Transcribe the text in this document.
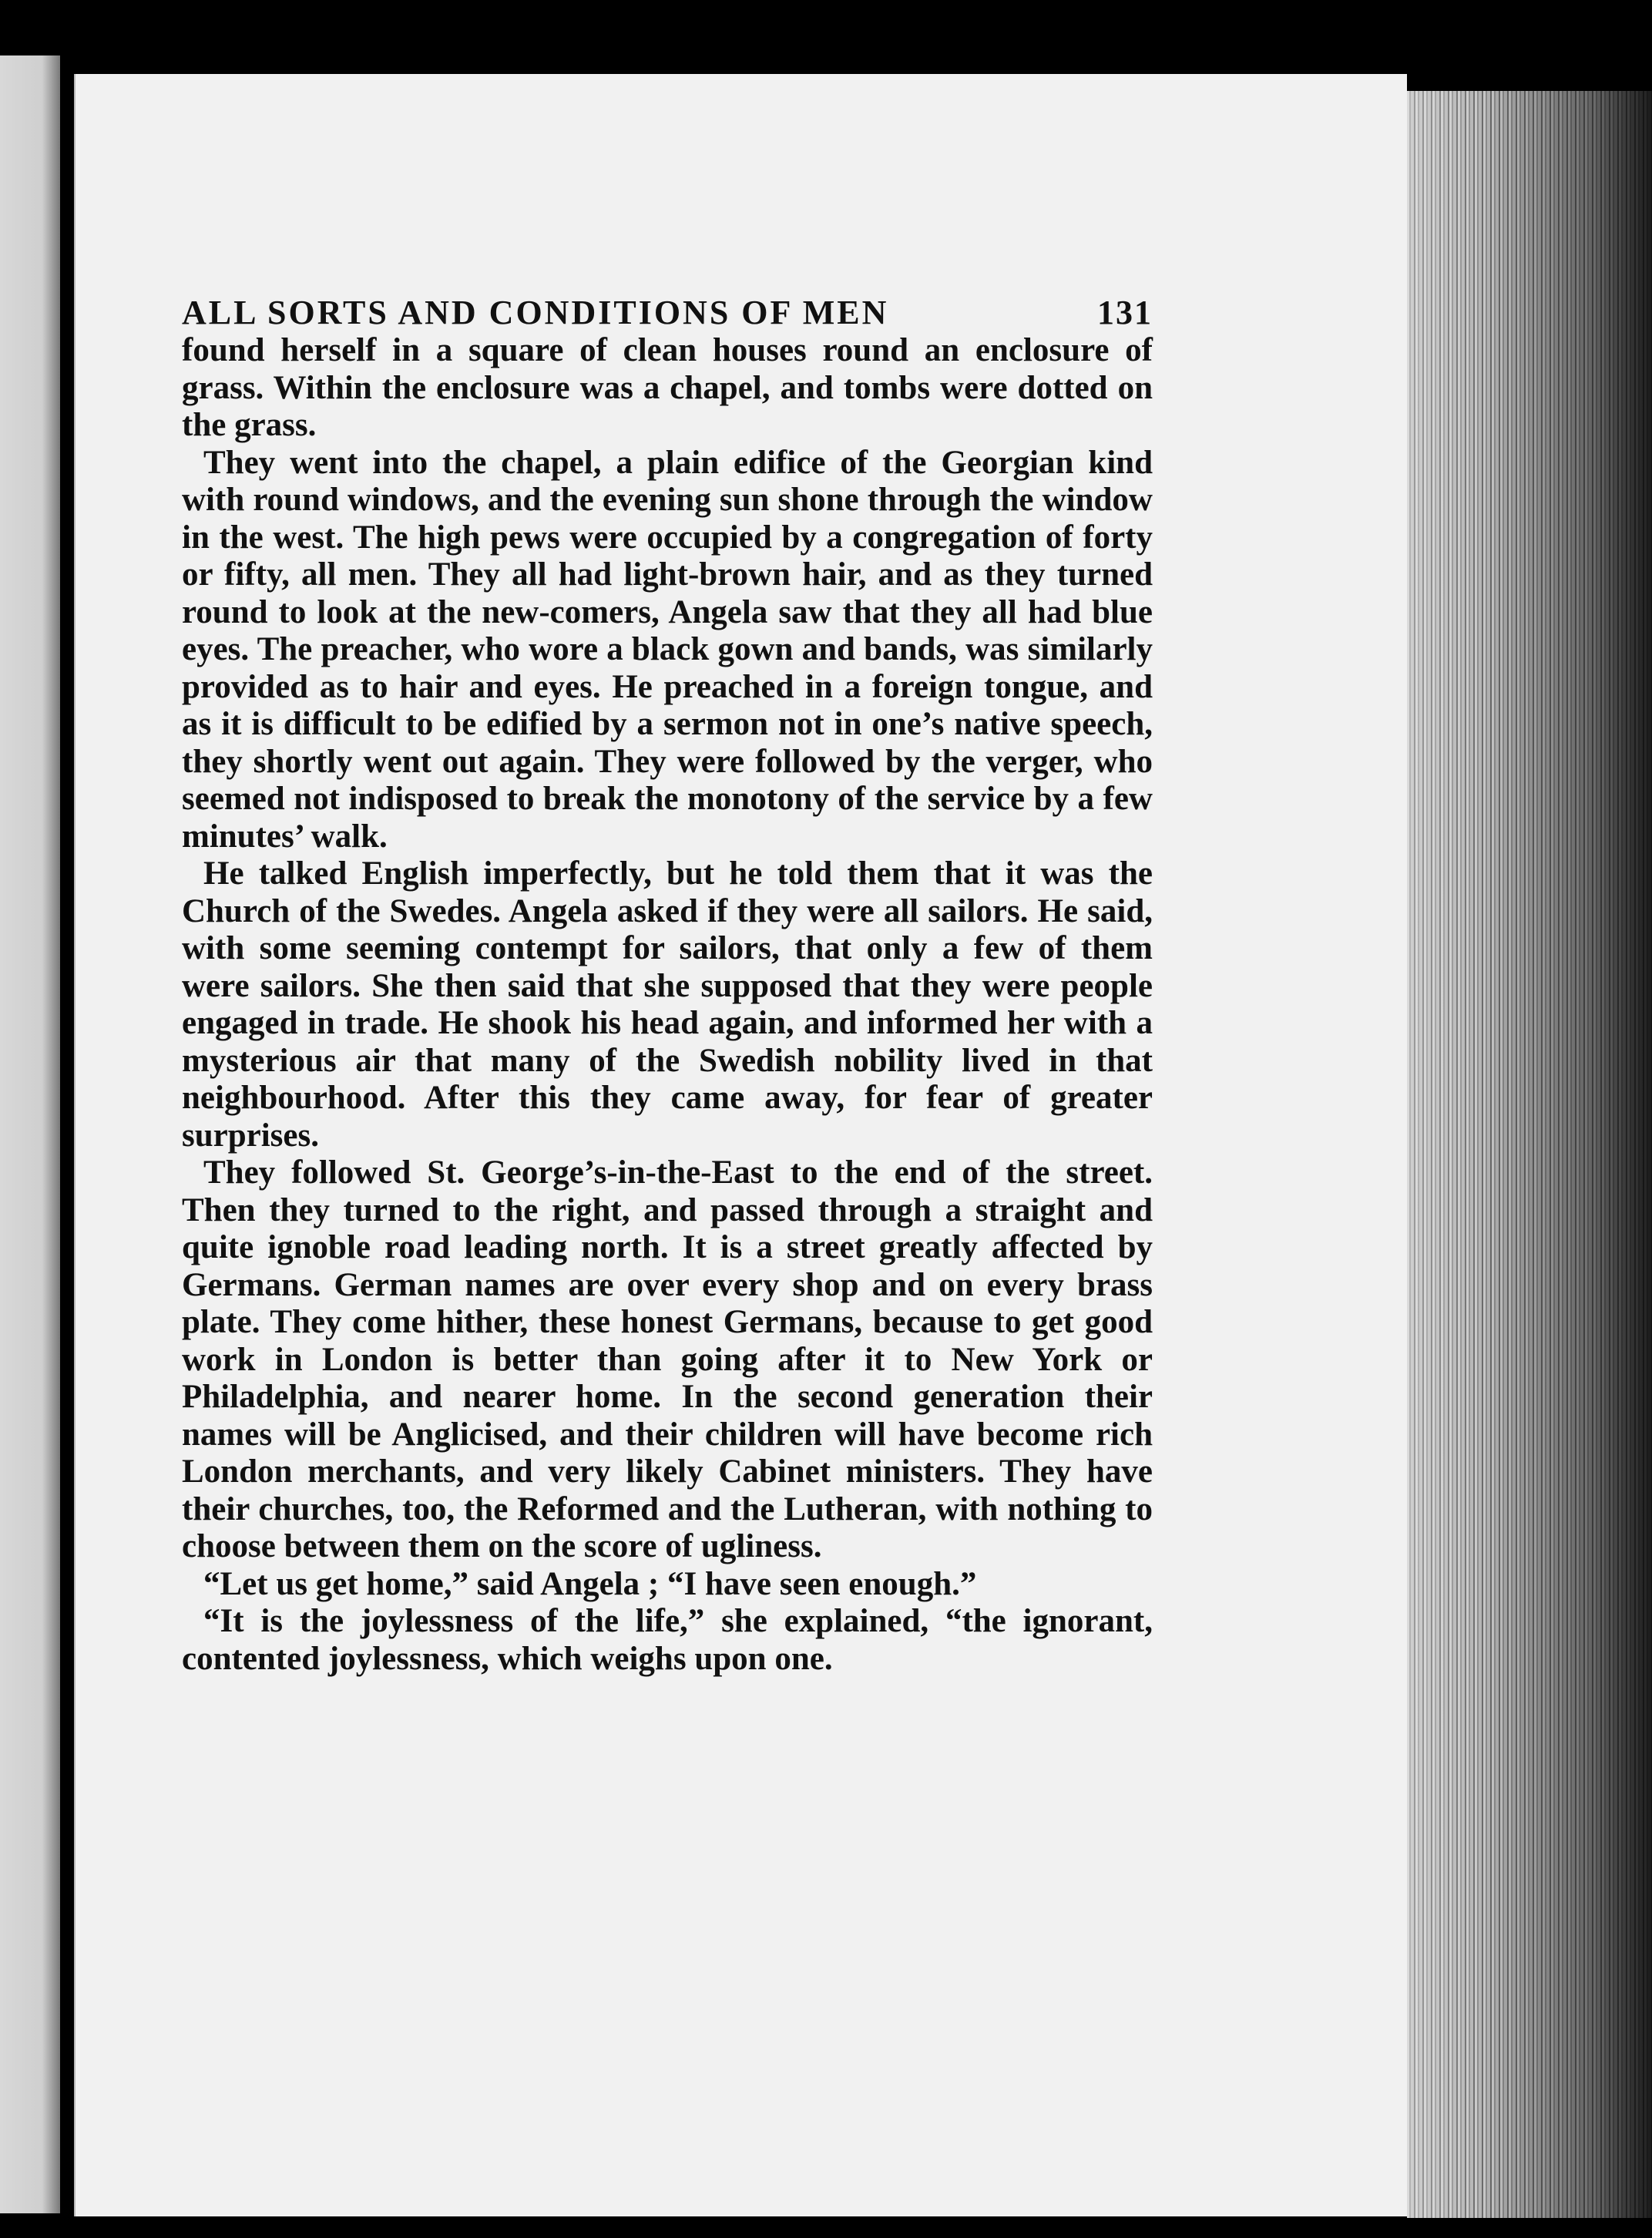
ALL SORTS AND CONDITIONS OF MEN	131

found herself in a square of clean houses round an enclosure of grass. Within the enclosure was a chapel, and tombs were dotted on the grass.

They went into the chapel, a plain edifice of the Georgian kind with round windows, and the evening sun shone through the window in the west. The high pews were occupied by a congregation of forty or fifty, all men. They all had light-brown hair, and as they turned round to look at the new-comers, Angela saw that they all had blue eyes. The preacher, who wore a black gown and bands, was similarly provided as to hair and eyes. He preached in a foreign tongue, and as it is difficult to be edified by a sermon not in one’s native speech, they shortly went out again. They were followed by the verger, who seemed not indisposed to break the monotony of the service by a few minutes’ walk.

He talked English imperfectly, but he told them that it was the Church of the Swedes. Angela asked if they were all sailors. He said, with some seeming contempt for sailors, that only a few of them were sailors. She then said that she supposed that they were people engaged in trade. He shook his head again, and informed her with a mysterious air that many of the Swedish nobility lived in that neighbourhood. After this they came away, for fear of greater surprises.

They followed St. George’s-in-the-East to the end of the street. Then they turned to the right, and passed through a straight and quite ignoble road leading north. It is a street greatly affected by Germans. German names are over every shop and on every brass plate. They come hither, these honest Germans, because to get good work in London is better than going after it to New York or Philadelphia, and nearer home. In the second generation their names will be Anglicised, and their children will have become rich London merchants, and very likely Cabinet ministers. They have their churches, too, the Reformed and the Lutheran, with nothing to choose between them on the score of ugliness.

“Let us get home,” said Angela ; “I have seen enough.”

“It is the joylessness of the life,” she explained, “the ignorant, contented joylessness, which weighs upon one.
